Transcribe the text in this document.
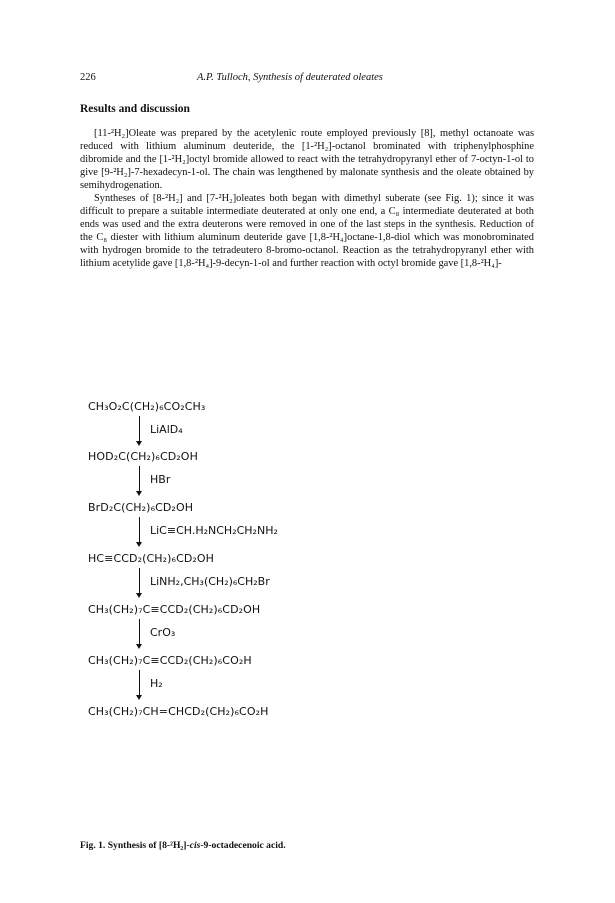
226	A.P. Tulloch, Synthesis of deuterated oleates
Results and discussion

[11-²H₂]Oleate was prepared by the acetylenic route employed previously [8], methyl octanoate was reduced with lithium aluminum deuteride, the [1-²H₂]-octanol brominated with triphenylphosphine dibromide and the [1-²H₂]octyl bromide allowed to react with the tetrahydropyranyl ether of 7-octyn-1-ol to give [9-²H₂]-7-hexadecyn-1-ol. The chain was lengthened by malonate synthesis and the oleate obtained by semihydrogenation.

Syntheses of [8-²H₂] and [7-²H₂]oleates both began with dimethyl suberate (see Fig. 1); since it was difficult to prepare a suitable intermediate deuterated at only one end, a C₈ intermediate deuterated at both ends was used and the extra deuterons were removed in one of the last steps in the synthesis. Reduction of the C₈ diester with lithium aluminum deuteride gave [1,8-²H₄]octane-1,8-diol which was monobrominated with hydrogen bromide to the tetradeutero 8-bromo-octanol. Reaction as the tetrahydropyranyl ether with lithium acetylide gave [1,8-²H₄]-9-decyn-1-ol and further reaction with octyl bromide gave [1,8-²H₄]-

CH₃O₂C(CH₂)₆CO₂CH₃
LiAlD₄
HOD₂C(CH₂)₆CD₂OH
HBr
BrD₂C(CH₂)₆CD₂OH
LiC≡CH.H₂NCH₂CH₂NH₂
HC≡CCD₂(CH₂)₆CD₂OH
LiNH₂,CH₃(CH₂)₆CH₂Br
CH₃(CH₂)₇C≡CCD₂(CH₂)₆CD₂OH
CrO₃
CH₃(CH₂)₇C≡CCD₂(CH₂)₆CO₂H
H₂
CH₃(CH₂)₇CH=CHCD₂(CH₂)₆CO₂H
Fig. 1. Synthesis of [8-²H₂]-cis-9-octadecenoic acid.
